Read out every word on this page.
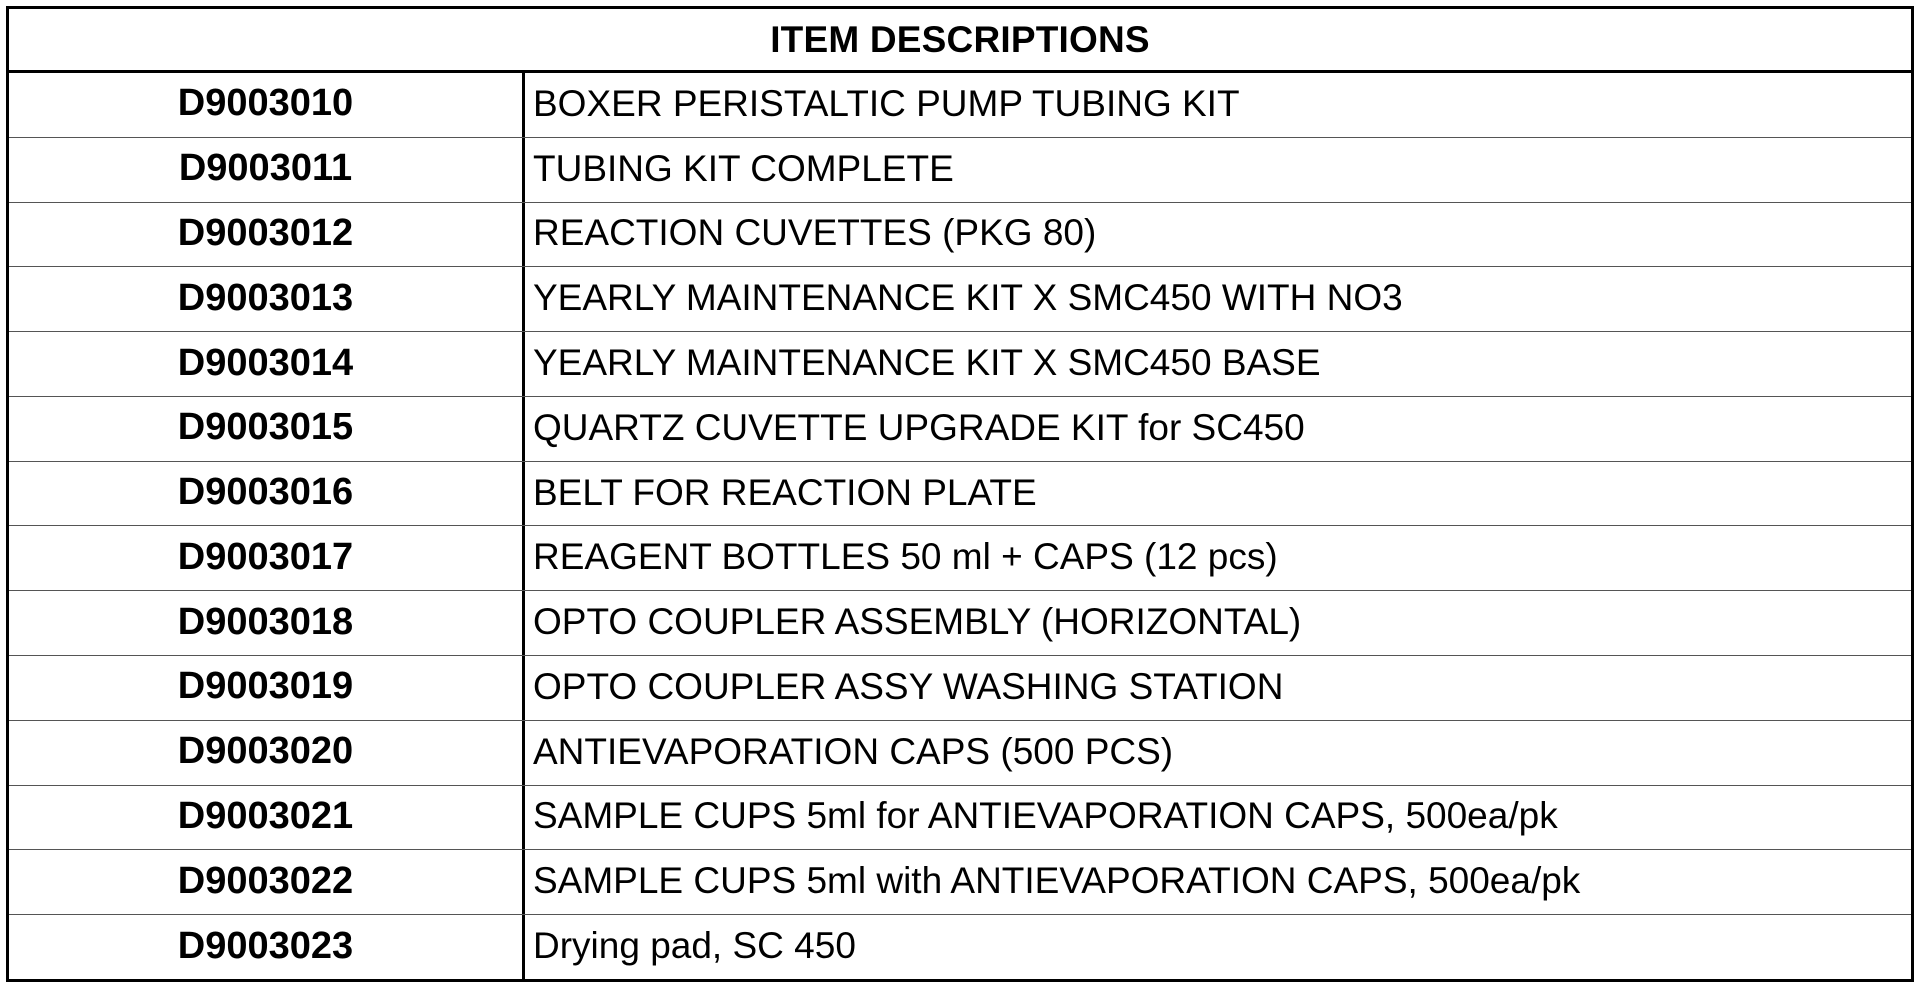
ITEM DESCRIPTIONS
D9003010	BOXER PERISTALTIC PUMP TUBING KIT
D9003011	TUBING KIT COMPLETE
D9003012	REACTION CUVETTES (PKG 80)
D9003013	YEARLY MAINTENANCE KIT X SMC450 WITH NO3
D9003014	YEARLY MAINTENANCE KIT X SMC450 BASE
D9003015	QUARTZ CUVETTE UPGRADE KIT for SC450
D9003016	BELT FOR REACTION PLATE
D9003017	REAGENT BOTTLES 50 ml + CAPS (12 pcs)
D9003018	OPTO COUPLER ASSEMBLY (HORIZONTAL)
D9003019	OPTO COUPLER ASSY WASHING STATION
D9003020	ANTIEVAPORATION CAPS (500 PCS)
D9003021	SAMPLE CUPS 5ml for ANTIEVAPORATION CAPS, 500ea/pk
D9003022	SAMPLE CUPS 5ml with ANTIEVAPORATION CAPS, 500ea/pk
D9003023	Drying pad, SC 450
